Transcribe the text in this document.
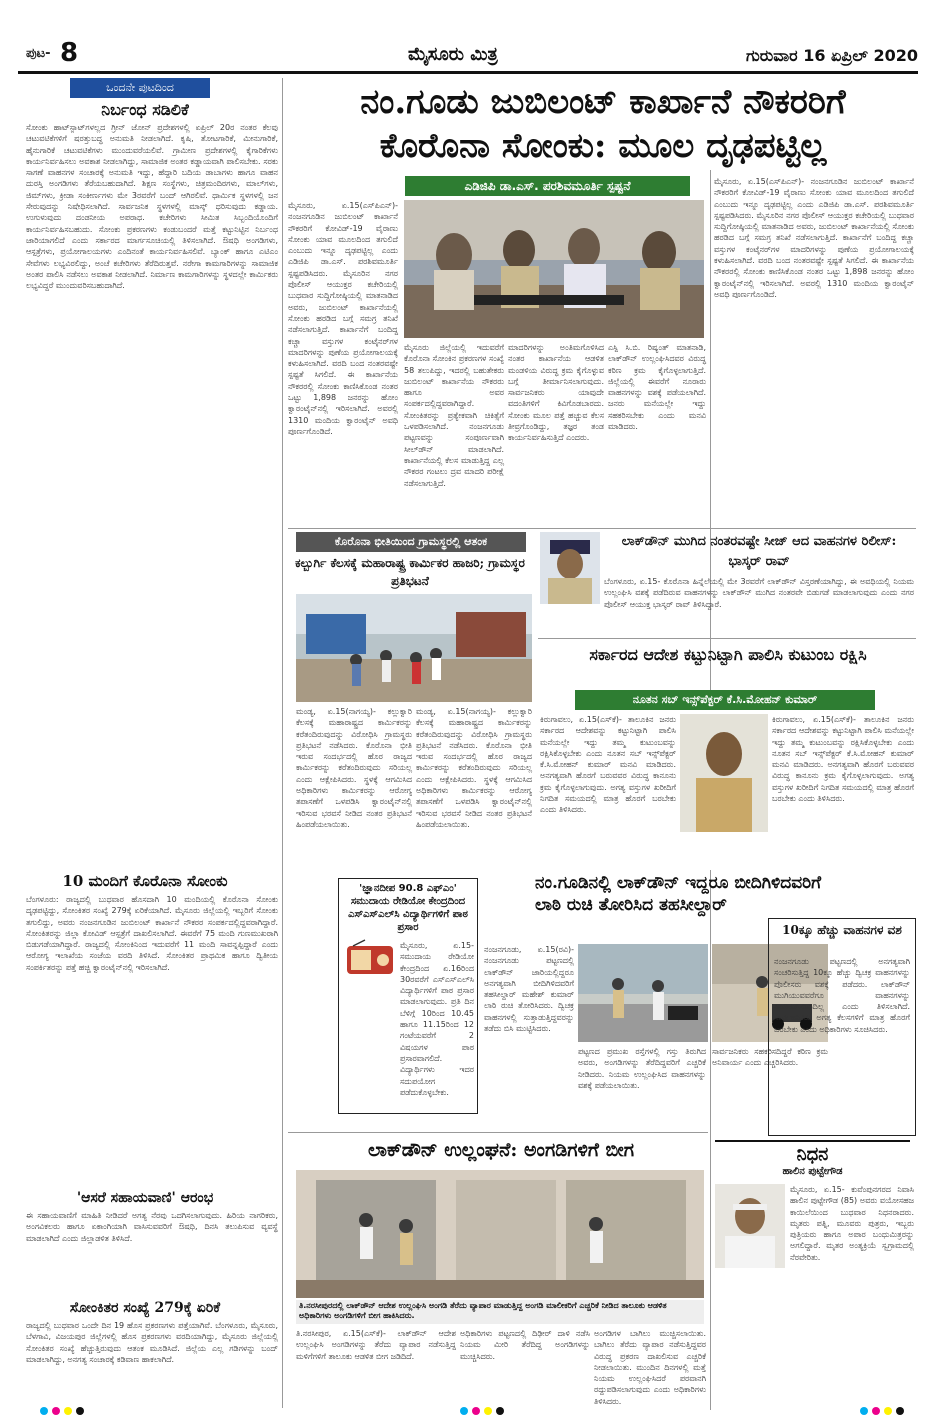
ಪುಟ- 8	ಮೈಸೂರು ಮಿತ್ರ	ಗುರುವಾರ 16 ಏಪ್ರಿಲ್ 2020
ಒಂದನೇ ಪುಟದಿಂದ
ನಿರ್ಬಂಧ ಸಡಿಲಿಕೆ
ಸೋಂಕು ಹಾಟ್‌ಸ್ಪಾಟ್‌ಗಳಲ್ಲದ ಗ್ರೀನ್ ಜೋನ್ ಪ್ರದೇಶಗಳಲ್ಲಿ ಏಪ್ರಿಲ್ 20ರ ನಂತರ ಕೆಲವು ಚಟುವಟಿಕೆಗಳಿಗೆ ಷರತ್ತುಬದ್ಧ ಅನುಮತಿ ನೀಡಲಾಗಿದೆ. ಕೃಷಿ, ತೋಟಗಾರಿಕೆ, ಮೀನುಗಾರಿಕೆ, ಹೈನುಗಾರಿಕೆ ಚಟುವಟಿಕೆಗಳು ಮುಂದುವರೆಯಲಿವೆ. ಗ್ರಾಮೀಣ ಪ್ರದೇಶಗಳಲ್ಲಿ ಕೈಗಾರಿಕೆಗಳು ಕಾರ್ಯನಿರ್ವಹಿಸಲು ಅವಕಾಶ ನೀಡಲಾಗಿದ್ದು, ಸಾಮಾಜಿಕ ಅಂತರ ಕಡ್ಡಾಯವಾಗಿ ಪಾಲಿಸಬೇಕು. ಸರಕು ಸಾಗಣೆ ವಾಹನಗಳ ಸಂಚಾರಕ್ಕೆ ಅನುಮತಿ ಇದ್ದು, ಹೆದ್ದಾರಿ ಬದಿಯ ಡಾಬಾಗಳು ಹಾಗೂ ವಾಹನ ದುರಸ್ತಿ ಅಂಗಡಿಗಳು ತೆರೆಯಬಹುದಾಗಿದೆ. ಶಿಕ್ಷಣ ಸಂಸ್ಥೆಗಳು, ಚಿತ್ರಮಂದಿರಗಳು, ಮಾಲ್‌ಗಳು, ಜಿಮ್‌ಗಳು, ಕ್ರೀಡಾ ಸಂಕೀರ್ಣಗಳು ಮೇ 3ರವರೆಗೆ ಬಂದ್ ಆಗಿರಲಿವೆ. ಧಾರ್ಮಿಕ ಸ್ಥಳಗಳಲ್ಲಿ ಜನ ಸೇರುವುದನ್ನು ನಿಷೇಧಿಸಲಾಗಿದೆ. ಸಾರ್ವಜನಿಕ ಸ್ಥಳಗಳಲ್ಲಿ ಮಾಸ್ಕ್ ಧರಿಸುವುದು ಕಡ್ಡಾಯ. ಉಗುಳುವುದು ದಂಡನೀಯ ಅಪರಾಧ. ಕಚೇರಿಗಳು ಸೀಮಿತ ಸಿಬ್ಬಂದಿಯೊಂದಿಗೆ ಕಾರ್ಯನಿರ್ವಹಿಸಬಹುದು. ಸೋಂಕು ಪ್ರಕರಣಗಳು ಕಂಡುಬಂದರೆ ಮತ್ತೆ ಕಟ್ಟುನಿಟ್ಟಿನ ನಿರ್ಬಂಧ ಜಾರಿಯಾಗಲಿದೆ ಎಂದು ಸರ್ಕಾರದ ಮಾರ್ಗಸೂಚಿಯಲ್ಲಿ ತಿಳಿಸಲಾಗಿದೆ. ಔಷಧಿ ಅಂಗಡಿಗಳು, ಆಸ್ಪತ್ರೆಗಳು, ಪ್ರಯೋಗಾಲಯಗಳು ಎಂದಿನಂತೆ ಕಾರ್ಯನಿರ್ವಹಿಸಲಿವೆ. ಬ್ಯಾಂಕ್ ಹಾಗೂ ಎಟಿಎಂ ಸೇವೆಗಳು ಲಭ್ಯವಿರಲಿದ್ದು, ಅಂಚೆ ಕಚೇರಿಗಳು ತೆರೆದಿರುತ್ತವೆ. ನರೇಗಾ ಕಾಮಗಾರಿಗಳನ್ನು ಸಾಮಾಜಿಕ ಅಂತರ ಪಾಲಿಸಿ ನಡೆಸಲು ಅವಕಾಶ ನೀಡಲಾಗಿದೆ. ನಿರ್ಮಾಣ ಕಾಮಗಾರಿಗಳನ್ನು ಸ್ಥಳದಲ್ಲೇ ಕಾರ್ಮಿಕರು ಲಭ್ಯವಿದ್ದರೆ ಮುಂದುವರಿಸಬಹುದಾಗಿದೆ.
10 ಮಂದಿಗೆ ಕೊರೊನಾ ಸೋಂಕು
ಬೆಂಗಳೂರು: ರಾಜ್ಯದಲ್ಲಿ ಬುಧವಾರ ಹೊಸದಾಗಿ 10 ಮಂದಿಯಲ್ಲಿ ಕೊರೊನಾ ಸೋಂಕು ದೃಢಪಟ್ಟಿದ್ದು, ಸೋಂಕಿತರ ಸಂಖ್ಯೆ 279ಕ್ಕೆ ಏರಿಕೆಯಾಗಿದೆ. ಮೈಸೂರು ಜಿಲ್ಲೆಯಲ್ಲಿ ಇಬ್ಬರಿಗೆ ಸೋಂಕು ತಗುಲಿದ್ದು, ಅವರು ನಂಜನಗೂಡಿನ ಜುಬಿಲಂಟ್ ಕಾರ್ಖಾನೆ ನೌಕರರ ಸಂಪರ್ಕದಲ್ಲಿದ್ದವರಾಗಿದ್ದಾರೆ. ಸೋಂಕಿತರನ್ನು ಜಿಲ್ಲಾ ಕೋವಿಡ್ ಆಸ್ಪತ್ರೆಗೆ ದಾಖಲಿಸಲಾಗಿದೆ. ಈವರೆಗೆ 75 ಮಂದಿ ಗುಣಮುಖರಾಗಿ ಬಿಡುಗಡೆಯಾಗಿದ್ದಾರೆ. ರಾಜ್ಯದಲ್ಲಿ ಸೋಂಕಿನಿಂದ ಇದುವರೆಗೆ 11 ಮಂದಿ ಸಾವನ್ನಪ್ಪಿದ್ದಾರೆ ಎಂದು ಆರೋಗ್ಯ ಇಲಾಖೆಯ ಸಂಜೆಯ ವರದಿ ತಿಳಿಸಿದೆ. ಸೋಂಕಿತರ ಪ್ರಾಥಮಿಕ ಹಾಗೂ ದ್ವಿತೀಯ ಸಂಪರ್ಕಿತರನ್ನು ಪತ್ತೆ ಹಚ್ಚಿ ಕ್ವಾರಂಟೈನ್‌ನಲ್ಲಿ ಇರಿಸಲಾಗಿದೆ.
'ಆಸರೆ ಸಹಾಯವಾಣಿ' ಆರಂಭ
ಈ ಸಹಾಯವಾಣಿಗೆ ಮಾಹಿತಿ ನೀಡಿದರೆ ಅಗತ್ಯ ನೆರವು ಒದಗಿಸಲಾಗುವುದು. ಹಿರಿಯ ನಾಗರಿಕರು, ಅಂಗವಿಕಲರು ಹಾಗೂ ಏಕಾಂಗಿಯಾಗಿ ವಾಸಿಸುವವರಿಗೆ ಔಷಧಿ, ದಿನಸಿ ತಲುಪಿಸುವ ವ್ಯವಸ್ಥೆ ಮಾಡಲಾಗಿದೆ ಎಂದು ಜಿಲ್ಲಾಡಳಿತ ತಿಳಿಸಿದೆ.
ಸೋಂಕಿತರ ಸಂಖ್ಯೆ 279ಕ್ಕೆ ಏರಿಕೆ
ರಾಜ್ಯದಲ್ಲಿ ಬುಧವಾರ ಒಂದೇ ದಿನ 19 ಹೊಸ ಪ್ರಕರಣಗಳು ಪತ್ತೆಯಾಗಿವೆ. ಬೆಂಗಳೂರು, ಮೈಸೂರು, ಬೆಳಗಾವಿ, ವಿಜಯಪುರ ಜಿಲ್ಲೆಗಳಲ್ಲಿ ಹೊಸ ಪ್ರಕರಣಗಳು ವರದಿಯಾಗಿದ್ದು, ಮೈಸೂರು ಜಿಲ್ಲೆಯಲ್ಲಿ ಸೋಂಕಿತರ ಸಂಖ್ಯೆ ಹೆಚ್ಚುತ್ತಿರುವುದು ಆತಂಕ ಮೂಡಿಸಿದೆ. ಜಿಲ್ಲೆಯ ಎಲ್ಲ ಗಡಿಗಳನ್ನು ಬಂದ್ ಮಾಡಲಾಗಿದ್ದು, ಅನಗತ್ಯ ಸಂಚಾರಕ್ಕೆ ಕಡಿವಾಣ ಹಾಕಲಾಗಿದೆ.
ನಂ.ಗೂಡು ಜುಬಿಲಂಟ್ ಕಾರ್ಖಾನೆ ನೌಕರರಿಗೆ
ಕೊರೊನಾ ಸೋಂಕು: ಮೂಲ ದೃಢಪಟ್ಟಿಲ್ಲ
ಎಡಿಜಿಪಿ ಡಾ.ಎಸ್. ಪರಶಿವಮೂರ್ತಿ ಸ್ಪಷ್ಟನೆ
ಮೈಸೂರು, ಏ.15(ಎಸ್‌ಪಿಎನ್)- ನಂಜನಗೂಡಿನ ಜುಬಿಲಂಟ್ ಕಾರ್ಖಾನೆ ನೌಕರರಿಗೆ ಕೋವಿಡ್-19 ವೈರಾಣು ಸೋಂಕು ಯಾವ ಮೂಲದಿಂದ ತಗುಲಿದೆ ಎಂಬುದು ಇನ್ನೂ ದೃಢಪಟ್ಟಿಲ್ಲ ಎಂದು ಎಡಿಜಿಪಿ ಡಾ.ಎಸ್. ಪರಶಿವಮೂರ್ತಿ ಸ್ಪಷ್ಟಪಡಿಸಿದರು. ಮೈಸೂರಿನ ನಗರ ಪೊಲೀಸ್ ಆಯುಕ್ತರ ಕಚೇರಿಯಲ್ಲಿ ಬುಧವಾರ ಸುದ್ದಿಗೋಷ್ಠಿಯಲ್ಲಿ ಮಾತನಾಡಿದ ಅವರು, ಜುಬಿಲಂಟ್ ಕಾರ್ಖಾನೆಯಲ್ಲಿ ಸೋಂಕು ಹರಡಿದ ಬಗ್ಗೆ ಸಮಗ್ರ ತನಿಖೆ ನಡೆಸಲಾಗುತ್ತಿದೆ. ಕಾರ್ಖಾನೆಗೆ ಬಂದಿದ್ದ ಕಚ್ಚಾ ವಸ್ತುಗಳ ಕಂಟೈನರ್‌ಗಳ ಮಾದರಿಗಳನ್ನು ಪುಣೆಯ ಪ್ರಯೋಗಾಲಯಕ್ಕೆ ಕಳುಹಿಸಲಾಗಿದೆ. ವರದಿ ಬಂದ ನಂತರವಷ್ಟೇ ಸ್ಪಷ್ಟತೆ ಸಿಗಲಿದೆ. ಈ ಕಾರ್ಖಾನೆಯ ನೌಕರರಲ್ಲಿ ಸೋಂಕು ಕಾಣಿಸಿಕೊಂಡ ನಂತರ ಒಟ್ಟು 1,898 ಜನರನ್ನು ಹೋಂ ಕ್ವಾರಂಟೈನ್‌ನಲ್ಲಿ ಇರಿಸಲಾಗಿದೆ. ಅವರಲ್ಲಿ 1310 ಮಂದಿಯ ಕ್ವಾರಂಟೈನ್ ಅವಧಿ ಪೂರ್ಣಗೊಂಡಿದೆ.
ಮೈಸೂರು ಜಿಲ್ಲೆಯಲ್ಲಿ ಇದುವರೆಗೆ ಕೊರೊನಾ ಸೋಂಕಿನ ಪ್ರಕರಣಗಳ ಸಂಖ್ಯೆ 58 ತಲುಪಿದ್ದು, ಇದರಲ್ಲಿ ಬಹುತೇಕರು ಜುಬಿಲಂಟ್ ಕಾರ್ಖಾನೆಯ ನೌಕರರು ಹಾಗೂ ಅವರ ಸಂಪರ್ಕದಲ್ಲಿದ್ದವರಾಗಿದ್ದಾರೆ. ಸೋಂಕಿತರನ್ನು ಪ್ರತ್ಯೇಕವಾಗಿ ಚಿಕಿತ್ಸೆಗೆ ಒಳಪಡಿಸಲಾಗಿದೆ. ನಂಜನಗೂಡು ಪಟ್ಟಣವನ್ನು ಸಂಪೂರ್ಣವಾಗಿ ಸೀಲ್‌ಡೌನ್ ಮಾಡಲಾಗಿದೆ. ಕಾರ್ಖಾನೆಯಲ್ಲಿ ಕೆಲಸ ಮಾಡುತ್ತಿದ್ದ ಎಲ್ಲ ನೌಕರರ ಗಂಟಲು ದ್ರವ ಮಾದರಿ ಪರೀಕ್ಷೆ ನಡೆಸಲಾಗುತ್ತಿದೆ.
ಮಾದರಿಗಳನ್ನು ಅಂತಿಮಗೊಳಿಸಿದ ನಂತರ ಕಾರ್ಖಾನೆಯ ಆಡಳಿತ ಮಂಡಳಿಯ ವಿರುದ್ಧ ಕ್ರಮ ಕೈಗೊಳ್ಳುವ ಬಗ್ಗೆ ತೀರ್ಮಾನಿಸಲಾಗುವುದು. ಸಾರ್ವಜನಿಕರು ಯಾವುದೇ ವದಂತಿಗಳಿಗೆ ಕಿವಿಗೊಡಬಾರದು. ಸೋಂಕು ಮೂಲ ಪತ್ತೆ ಹಚ್ಚುವ ಕೆಲಸ ತೀವ್ರಗೊಂಡಿದ್ದು, ತಜ್ಞರ ತಂಡ ಕಾರ್ಯನಿರ್ವಹಿಸುತ್ತಿದೆ ಎಂದರು.
ಎಸ್ಪಿ ಸಿ.ಬಿ. ರಿಷ್ಯಂತ್ ಮಾತನಾಡಿ, ಲಾಕ್‌ಡೌನ್ ಉಲ್ಲಂಘಿಸಿದವರ ವಿರುದ್ಧ ಕಠಿಣ ಕ್ರಮ ಕೈಗೊಳ್ಳಲಾಗುತ್ತಿದೆ. ಜಿಲ್ಲೆಯಲ್ಲಿ ಈವರೆಗೆ ನೂರಾರು ವಾಹನಗಳನ್ನು ವಶಕ್ಕೆ ಪಡೆಯಲಾಗಿದೆ. ಜನರು ಮನೆಯಲ್ಲೇ ಇದ್ದು ಸಹಕರಿಸಬೇಕು ಎಂದು ಮನವಿ ಮಾಡಿದರು.
ಮೈಸೂರು, ಏ.15(ಎಸ್‌ಪಿಎನ್)- ನಂಜನಗೂಡಿನ ಜುಬಿಲಂಟ್ ಕಾರ್ಖಾನೆ ನೌಕರರಿಗೆ ಕೋವಿಡ್-19 ವೈರಾಣು ಸೋಂಕು ಯಾವ ಮೂಲದಿಂದ ತಗುಲಿದೆ ಎಂಬುದು ಇನ್ನೂ ದೃಢಪಟ್ಟಿಲ್ಲ ಎಂದು ಎಡಿಜಿಪಿ ಡಾ.ಎಸ್. ಪರಶಿವಮೂರ್ತಿ ಸ್ಪಷ್ಟಪಡಿಸಿದರು. ಮೈಸೂರಿನ ನಗರ ಪೊಲೀಸ್ ಆಯುಕ್ತರ ಕಚೇರಿಯಲ್ಲಿ ಬುಧವಾರ ಸುದ್ದಿಗೋಷ್ಠಿಯಲ್ಲಿ ಮಾತನಾಡಿದ ಅವರು, ಜುಬಿಲಂಟ್ ಕಾರ್ಖಾನೆಯಲ್ಲಿ ಸೋಂಕು ಹರಡಿದ ಬಗ್ಗೆ ಸಮಗ್ರ ತನಿಖೆ ನಡೆಸಲಾಗುತ್ತಿದೆ. ಕಾರ್ಖಾನೆಗೆ ಬಂದಿದ್ದ ಕಚ್ಚಾ ವಸ್ತುಗಳ ಕಂಟೈನರ್‌ಗಳ ಮಾದರಿಗಳನ್ನು ಪುಣೆಯ ಪ್ರಯೋಗಾಲಯಕ್ಕೆ ಕಳುಹಿಸಲಾಗಿದೆ. ವರದಿ ಬಂದ ನಂತರವಷ್ಟೇ ಸ್ಪಷ್ಟತೆ ಸಿಗಲಿದೆ. ಈ ಕಾರ್ಖಾನೆಯ ನೌಕರರಲ್ಲಿ ಸೋಂಕು ಕಾಣಿಸಿಕೊಂಡ ನಂತರ ಒಟ್ಟು 1,898 ಜನರನ್ನು ಹೋಂ ಕ್ವಾರಂಟೈನ್‌ನಲ್ಲಿ ಇರಿಸಲಾಗಿದೆ. ಅವರಲ್ಲಿ 1310 ಮಂದಿಯ ಕ್ವಾರಂಟೈನ್ ಅವಧಿ ಪೂರ್ಣಗೊಂಡಿದೆ.
ಕೊರೊನಾ ಭೀತಿಯಿಂದ ಗ್ರಾಮಸ್ಥರಲ್ಲಿ ಆತಂಕ
ಕಲ್ಬುರ್ಗಿ ಕೆಲಸಕ್ಕೆ ಮಹಾರಾಷ್ಟ್ರ ಕಾರ್ಮಿಕರ ಹಾಜರಿ; ಗ್ರಾಮಸ್ಥರ ಪ್ರತಿಭಟನೆ
ಮಂಡ್ಯ, ಏ.15(ನಾಗಯ್ಯ)- ಕಲ್ಲುಕ್ವಾರಿ ಕೆಲಸಕ್ಕೆ ಮಹಾರಾಷ್ಟ್ರದ ಕಾರ್ಮಿಕರನ್ನು ಕರೆತಂದಿರುವುದನ್ನು ವಿರೋಧಿಸಿ ಗ್ರಾಮಸ್ಥರು ಪ್ರತಿಭಟನೆ ನಡೆಸಿದರು. ಕೊರೊನಾ ಭೀತಿ ಇರುವ ಸಂದರ್ಭದಲ್ಲಿ ಹೊರ ರಾಜ್ಯದ ಕಾರ್ಮಿಕರನ್ನು ಕರೆತಂದಿರುವುದು ಸರಿಯಲ್ಲ ಎಂದು ಆಕ್ಷೇಪಿಸಿದರು. ಸ್ಥಳಕ್ಕೆ ಆಗಮಿಸಿದ ಅಧಿಕಾರಿಗಳು ಕಾರ್ಮಿಕರನ್ನು ಆರೋಗ್ಯ ತಪಾಸಣೆಗೆ ಒಳಪಡಿಸಿ ಕ್ವಾರಂಟೈನ್‌ನಲ್ಲಿ ಇರಿಸುವ ಭರವಸೆ ನೀಡಿದ ನಂತರ ಪ್ರತಿಭಟನೆ ಹಿಂಪಡೆಯಲಾಯಿತು.
ಮಂಡ್ಯ, ಏ.15(ನಾಗಯ್ಯ)- ಕಲ್ಲುಕ್ವಾರಿ ಕೆಲಸಕ್ಕೆ ಮಹಾರಾಷ್ಟ್ರದ ಕಾರ್ಮಿಕರನ್ನು ಕರೆತಂದಿರುವುದನ್ನು ವಿರೋಧಿಸಿ ಗ್ರಾಮಸ್ಥರು ಪ್ರತಿಭಟನೆ ನಡೆಸಿದರು. ಕೊರೊನಾ ಭೀತಿ ಇರುವ ಸಂದರ್ಭದಲ್ಲಿ ಹೊರ ರಾಜ್ಯದ ಕಾರ್ಮಿಕರನ್ನು ಕರೆತಂದಿರುವುದು ಸರಿಯಲ್ಲ ಎಂದು ಆಕ್ಷೇಪಿಸಿದರು. ಸ್ಥಳಕ್ಕೆ ಆಗಮಿಸಿದ ಅಧಿಕಾರಿಗಳು ಕಾರ್ಮಿಕರನ್ನು ಆರೋಗ್ಯ ತಪಾಸಣೆಗೆ ಒಳಪಡಿಸಿ ಕ್ವಾರಂಟೈನ್‌ನಲ್ಲಿ ಇರಿಸುವ ಭರವಸೆ ನೀಡಿದ ನಂತರ ಪ್ರತಿಭಟನೆ ಹಿಂಪಡೆಯಲಾಯಿತು.
ಲಾಕ್‌ಡೌನ್ ಮುಗಿದ ನಂತರವಷ್ಟೇ ಸೀಜ್ ಆದ ವಾಹನಗಳ ರಿಲೀಸ್: ಭಾಸ್ಕರ್ ರಾವ್
ಬೆಂಗಳೂರು, ಏ.15- ಕೊರೊನಾ ಹಿನ್ನೆಲೆಯಲ್ಲಿ ಮೇ 3ರವರೆಗೆ ಲಾಕ್‌ಡೌನ್ ವಿಸ್ತರಣೆಯಾಗಿದ್ದು, ಈ ಅವಧಿಯಲ್ಲಿ ನಿಯಮ ಉಲ್ಲಂಘಿಸಿ ವಶಕ್ಕೆ ಪಡೆದಿರುವ ವಾಹನಗಳನ್ನು ಲಾಕ್‌ಡೌನ್ ಮುಗಿದ ನಂತರವೇ ಬಿಡುಗಡೆ ಮಾಡಲಾಗುವುದು ಎಂದು ನಗರ ಪೊಲೀಸ್ ಆಯುಕ್ತ ಭಾಸ್ಕರ್ ರಾವ್ ತಿಳಿಸಿದ್ದಾರೆ.
ಸರ್ಕಾರದ ಆದೇಶ ಕಟ್ಟುನಿಟ್ಟಾಗಿ ಪಾಲಿಸಿ ಕುಟುಂಬ ರಕ್ಷಿಸಿ
ನೂತನ ಸಬ್ ಇನ್ಸ್‌ಪೆಕ್ಟರ್ ಕೆ.ಸಿ.ಮೋಹನ್ ಕುಮಾರ್
ಕಿರುಗಾವಲು, ಏ.15(ಎಸ್‌ಕೆ)- ತಾಲೂಕಿನ ಜನರು ಸರ್ಕಾರದ ಆದೇಶವನ್ನು ಕಟ್ಟುನಿಟ್ಟಾಗಿ ಪಾಲಿಸಿ ಮನೆಯಲ್ಲೇ ಇದ್ದು ತಮ್ಮ ಕುಟುಂಬವನ್ನು ರಕ್ಷಿಸಿಕೊಳ್ಳಬೇಕು ಎಂದು ನೂತನ ಸಬ್ ಇನ್ಸ್‌ಪೆಕ್ಟರ್ ಕೆ.ಸಿ.ಮೋಹನ್ ಕುಮಾರ್ ಮನವಿ ಮಾಡಿದರು. ಅನಗತ್ಯವಾಗಿ ಹೊರಗೆ ಬರುವವರ ವಿರುದ್ಧ ಕಾನೂನು ಕ್ರಮ ಕೈಗೊಳ್ಳಲಾಗುವುದು. ಅಗತ್ಯ ವಸ್ತುಗಳ ಖರೀದಿಗೆ ನಿಗದಿತ ಸಮಯದಲ್ಲಿ ಮಾತ್ರ ಹೊರಗೆ ಬರಬೇಕು ಎಂದು ತಿಳಿಸಿದರು.
ಕಿರುಗಾವಲು, ಏ.15(ಎಸ್‌ಕೆ)- ತಾಲೂಕಿನ ಜನರು ಸರ್ಕಾರದ ಆದೇಶವನ್ನು ಕಟ್ಟುನಿಟ್ಟಾಗಿ ಪಾಲಿಸಿ ಮನೆಯಲ್ಲೇ ಇದ್ದು ತಮ್ಮ ಕುಟುಂಬವನ್ನು ರಕ್ಷಿಸಿಕೊಳ್ಳಬೇಕು ಎಂದು ನೂತನ ಸಬ್ ಇನ್ಸ್‌ಪೆಕ್ಟರ್ ಕೆ.ಸಿ.ಮೋಹನ್ ಕುಮಾರ್ ಮನವಿ ಮಾಡಿದರು. ಅನಗತ್ಯವಾಗಿ ಹೊರಗೆ ಬರುವವರ ವಿರುದ್ಧ ಕಾನೂನು ಕ್ರಮ ಕೈಗೊಳ್ಳಲಾಗುವುದು. ಅಗತ್ಯ ವಸ್ತುಗಳ ಖರೀದಿಗೆ ನಿಗದಿತ ಸಮಯದಲ್ಲಿ ಮಾತ್ರ ಹೊರಗೆ ಬರಬೇಕು ಎಂದು ತಿಳಿಸಿದರು.
'ಜ್ಞಾನದೀಪ 90.8 ಎಫ್‌ಎಂ' ಸಮುದಾಯ ರೇಡಿಯೋ ಕೇಂದ್ರದಿಂದ ಎಸ್‌ಎಸ್‌ಎಲ್‌ಸಿ ವಿದ್ಯಾರ್ಥಿಗಳಿಗೆ ಪಾಠ ಪ್ರಸಾರ
ಮೈಸೂರು, ಏ.15- ಸಮುದಾಯ ರೇಡಿಯೋ ಕೇಂದ್ರದಿಂದ ಏ.16ರಿಂದ 30ರವರೆಗೆ ಎಸ್‌ಎಸ್‌ಎಲ್‌ಸಿ ವಿದ್ಯಾರ್ಥಿಗಳಿಗೆ ಪಾಠ ಪ್ರಸಾರ ಮಾಡಲಾಗುವುದು. ಪ್ರತಿ ದಿನ ಬೆಳಿಗ್ಗೆ 10ರಿಂದ 10.45 ಹಾಗೂ 11.15ರಿಂದ 12 ಗಂಟೆಯವರೆಗೆ 2 ವಿಷಯಗಳ ಪಾಠ ಪ್ರಸಾರವಾಗಲಿದೆ. ವಿದ್ಯಾರ್ಥಿಗಳು ಇದರ ಸದುಪಯೋಗ ಪಡೆದುಕೊಳ್ಳಬೇಕು.
ನಂ.ಗೂಡಿನಲ್ಲಿ ಲಾಕ್‌ಡೌನ್ ಇದ್ದರೂ ಬೀದಿಗಿಳಿದವರಿಗೆ
ಲಾಠಿ ರುಚಿ ತೋರಿಸಿದ ತಹಸೀಲ್ದಾರ್
ನಂಜನಗೂಡು, ಏ.15(ರವಿ)- ನಂಜನಗೂಡು ಪಟ್ಟಣದಲ್ಲಿ ಲಾಕ್‌ಡೌನ್ ಜಾರಿಯಲ್ಲಿದ್ದರೂ ಅನಗತ್ಯವಾಗಿ ಬೀದಿಗಿಳಿದವರಿಗೆ ತಹಸೀಲ್ದಾರ್ ಮಹೇಶ್ ಕುಮಾರ್ ಲಾಠಿ ರುಚಿ ತೋರಿಸಿದರು. ದ್ವಿಚಕ್ರ ವಾಹನಗಳಲ್ಲಿ ಸುತ್ತಾಡುತ್ತಿದ್ದವರನ್ನು ತಡೆದು ಬಿಸಿ ಮುಟ್ಟಿಸಿದರು.
ಪಟ್ಟಣದ ಪ್ರಮುಖ ರಸ್ತೆಗಳಲ್ಲಿ ಗಸ್ತು ತಿರುಗಿದ ಅವರು, ಅಂಗಡಿಗಳನ್ನು ತೆರೆದಿದ್ದವರಿಗೆ ಎಚ್ಚರಿಕೆ ನೀಡಿದರು. ನಿಯಮ ಉಲ್ಲಂಘಿಸಿದ ವಾಹನಗಳನ್ನು ವಶಕ್ಕೆ ಪಡೆಯಲಾಯಿತು.
ಸಾರ್ವಜನಿಕರು ಸಹಕರಿಸದಿದ್ದರೆ ಕಠಿಣ ಕ್ರಮ ಅನಿವಾರ್ಯ ಎಂದು ಎಚ್ಚರಿಸಿದರು.
10ಕ್ಕೂ ಹೆಚ್ಚು ವಾಹನಗಳ ವಶ
ನಂಜನಗೂಡು ಪಟ್ಟಣದಲ್ಲಿ ಅನಗತ್ಯವಾಗಿ ಸಂಚರಿಸುತ್ತಿದ್ದ 10ಕ್ಕೂ ಹೆಚ್ಚು ದ್ವಿಚಕ್ರ ವಾಹನಗಳನ್ನು ಪೊಲೀಸರು ವಶಕ್ಕೆ ಪಡೆದರು. ಲಾಕ್‌ಡೌನ್ ಮುಗಿಯುವವರೆಗೂ ವಾಹನಗಳನ್ನು ಹಿಂದಿರುಗಿಸುವುದಿಲ್ಲ ಎಂದು ತಿಳಿಸಲಾಗಿದೆ. ಸಾರ್ವಜನಿಕರು ಅಗತ್ಯ ಕೆಲಸಗಳಿಗೆ ಮಾತ್ರ ಹೊರಗೆ ಬರಬೇಕು ಎಂದು ಅಧಿಕಾರಿಗಳು ಸೂಚಿಸಿದರು.
ಲಾಕ್‌ಡೌನ್ ಉಲ್ಲಂಘನೆ: ಅಂಗಡಿಗಳಿಗೆ ಬೀಗ
ತಿ.ನರಸೀಪುರದಲ್ಲಿ ಲಾಕ್‌ಡೌನ್ ಆದೇಶ ಉಲ್ಲಂಘಿಸಿ ಅಂಗಡಿ ತೆರೆದು ವ್ಯಾಪಾರ ಮಾಡುತ್ತಿದ್ದ ಅಂಗಡಿ ಮಾಲೀಕರಿಗೆ ಎಚ್ಚರಿಕೆ ನೀಡಿದ ತಾಲೂಕು ಆಡಳಿತ ಅಧಿಕಾರಿಗಳು ಅಂಗಡಿಗಳಿಗೆ ಬೀಗ ಹಾಕಿಸಿದರು.
ತಿ.ನರಸೀಪುರ, ಏ.15(ಎಸ್‌ಕೆ)- ಲಾಕ್‌ಡೌನ್ ಆದೇಶ ಉಲ್ಲಂಘಿಸಿ ಅಂಗಡಿಗಳನ್ನು ತೆರೆದು ವ್ಯಾಪಾರ ನಡೆಸುತ್ತಿದ್ದ ಮಳಿಗೆಗಳಿಗೆ ತಾಲೂಕು ಆಡಳಿತ ಬೀಗ ಜಡಿದಿದೆ.
ಅಧಿಕಾರಿಗಳು ಪಟ್ಟಣದಲ್ಲಿ ದಿಢೀರ್ ದಾಳಿ ನಡೆಸಿ ನಿಯಮ ಮೀರಿ ತೆರೆದಿದ್ದ ಅಂಗಡಿಗಳನ್ನು ಮುಚ್ಚಿಸಿದರು.
ಅಂಗಡಿಗಳ ಬಾಗಿಲು ಮುಚ್ಚಿಸಲಾಯಿತು. ಬಾಗಿಲು ತೆರೆದು ವ್ಯಾಪಾರ ನಡೆಸುತ್ತಿದ್ದವರ ವಿರುದ್ಧ ಪ್ರಕರಣ ದಾಖಲಿಸುವ ಎಚ್ಚರಿಕೆ ನೀಡಲಾಯಿತು. ಮುಂದಿನ ದಿನಗಳಲ್ಲಿ ಮತ್ತೆ ನಿಯಮ ಉಲ್ಲಂಘಿಸಿದರೆ ಪರವಾನಗಿ ರದ್ದುಪಡಿಸಲಾಗುವುದು ಎಂದು ಅಧಿಕಾರಿಗಳು ತಿಳಿಸಿದರು.
ನಿಧನ
ಹಾಲಿನ ಪುಟ್ಟೇಗೌಡ
ಮೈಸೂರು, ಏ.15- ಕುವೆಂಪುನಗರದ ನಿವಾಸಿ ಹಾಲಿನ ಪುಟ್ಟೇಗೌಡ (85) ಅವರು ವಯೋಸಹಜ ಕಾಯಿಲೆಯಿಂದ ಬುಧವಾರ ನಿಧನರಾದರು. ಮೃತರು ಪತ್ನಿ, ಮೂವರು ಪುತ್ರರು, ಇಬ್ಬರು ಪುತ್ರಿಯರು ಹಾಗೂ ಅಪಾರ ಬಂಧುಮಿತ್ರರನ್ನು ಅಗಲಿದ್ದಾರೆ. ಮೃತರ ಅಂತ್ಯಕ್ರಿಯೆ ಸ್ವಗ್ರಾಮದಲ್ಲಿ ನೆರವೇರಿತು.
